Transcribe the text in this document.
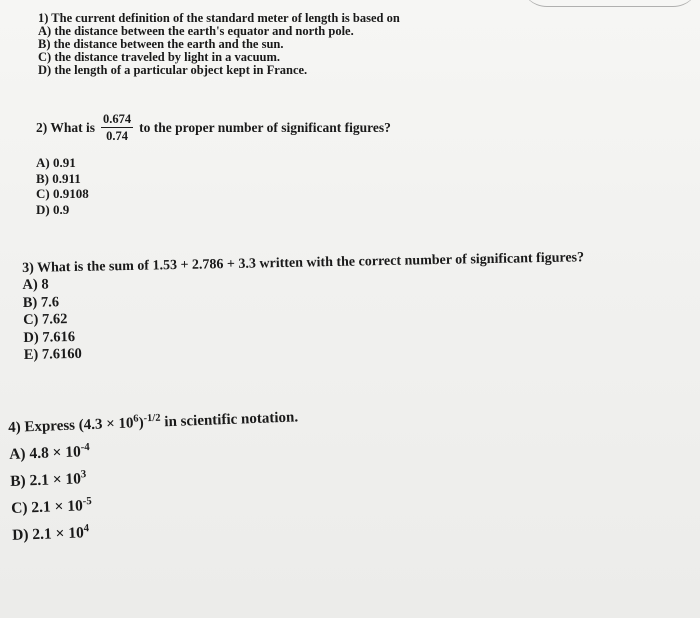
1) The current definition of the standard meter of length is based on
A) the distance between the earth's equator and north pole.
B) the distance between the earth and the sun.
C) the distance traveled by light in a vacuum.
D) the length of a particular object kept in France.
2) What is $\frac{0.674}{0.74}$ to the proper number of significant figures?
A) 0.91
B) 0.911
C) 0.9108
D) 0.9
3) What is the sum of 1.53 + 2.786 + 3.3 written with the correct number of significant figures?
A) 8
B) 7.6
C) 7.62
D) 7.616
E) 7.6160
4) Express $(4.3 \times 10^6)^{-1/2}$ in scientific notation.
A) $4.8 \times 10^{-4}$
B) $2.1 \times 10^3$
C) $2.1 \times 10^{-5}$
D) $2.1 \times 10^4$
